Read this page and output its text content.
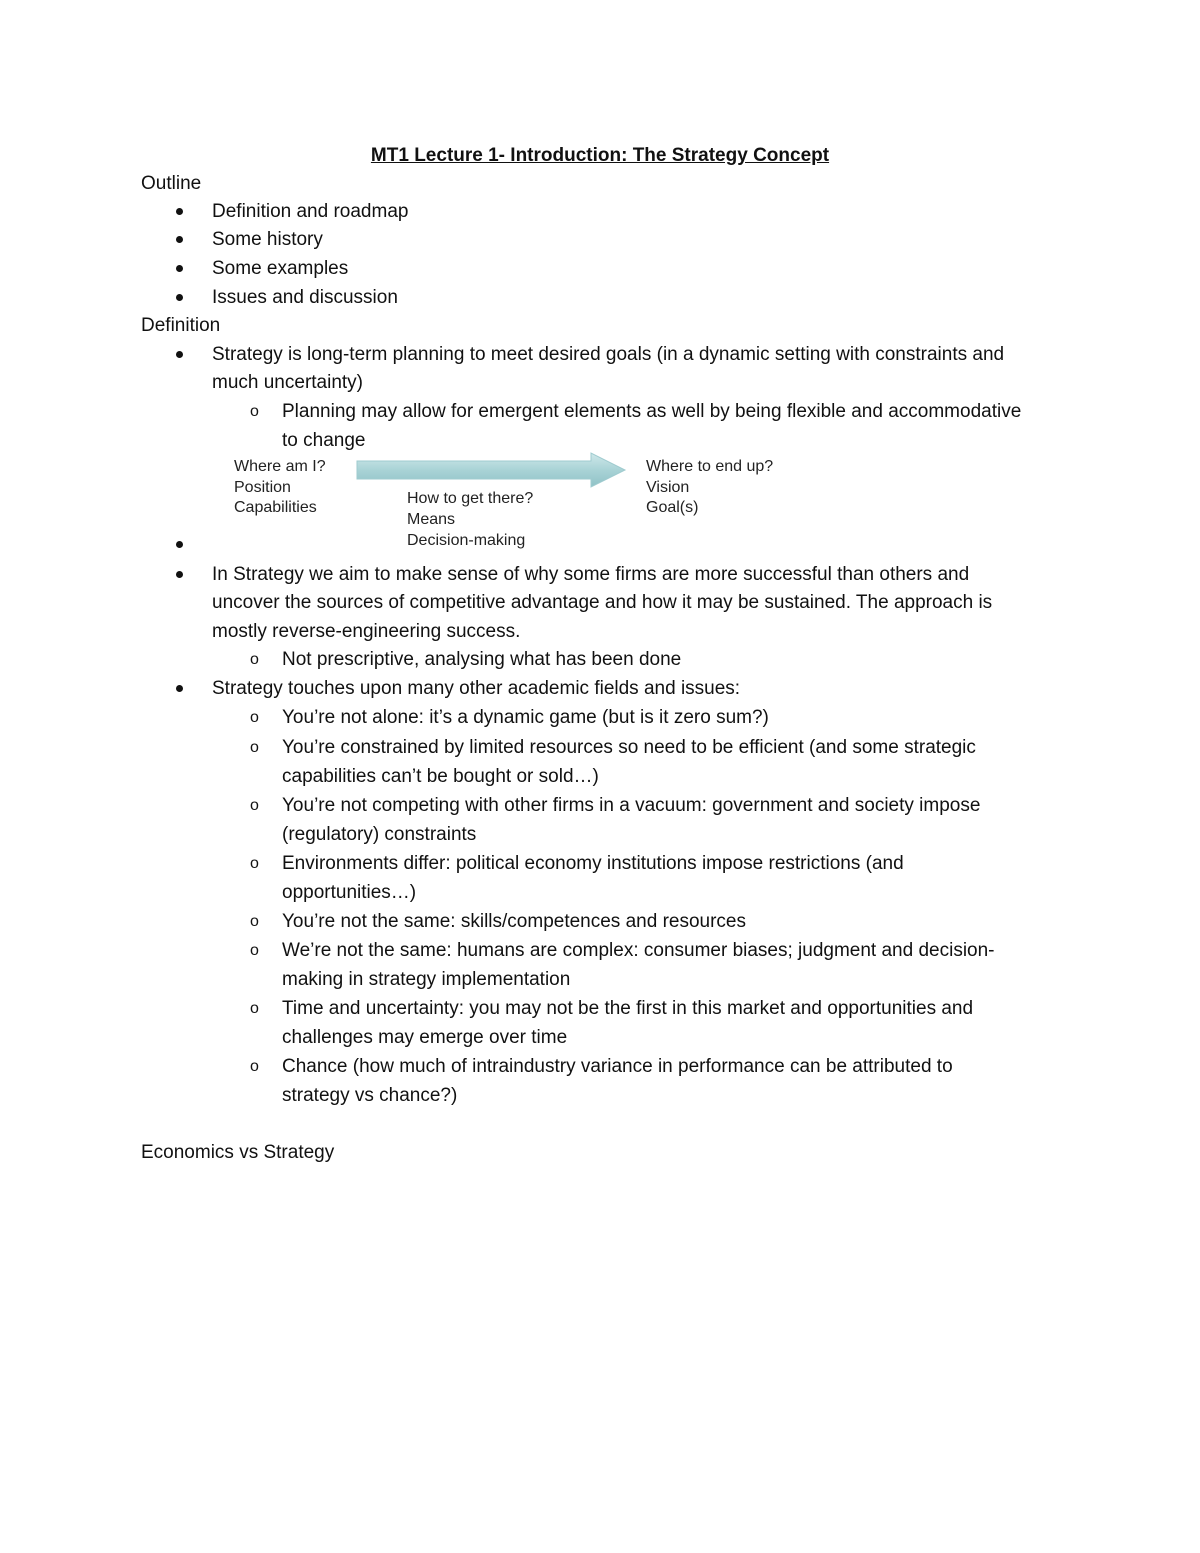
MT1 Lecture 1- Introduction: The Strategy Concept
Outline
Definition and roadmap
Some history
Some examples
Issues and discussion
Definition
Strategy is long-term planning to meet desired goals (in a dynamic setting with constraints and
much uncertainty)
o Planning may allow for emergent elements as well by being flexible and accommodative
to change
Where am I?
Position
Capabilities
How to get there?
Means
Decision-making
Where to end up?
Vision
Goal(s)
In Strategy we aim to make sense of why some firms are more successful than others and
uncover the sources of competitive advantage and how it may be sustained. The approach is
mostly reverse-engineering success.
o Not prescriptive, analysing what has been done
Strategy touches upon many other academic fields and issues:
o You’re not alone: it’s a dynamic game (but is it zero sum?)
o You’re constrained by limited resources so need to be efficient (and some strategic
capabilities can’t be bought or sold…)
o You’re not competing with other firms in a vacuum: government and society impose
(regulatory) constraints
o Environments differ: political economy institutions impose restrictions (and
opportunities…)
o You’re not the same: skills/competences and resources
o We’re not the same: humans are complex: consumer biases; judgment and decision-
making in strategy implementation
o Time and uncertainty: you may not be the first in this market and opportunities and
challenges may emerge over time
o Chance (how much of intraindustry variance in performance can be attributed to
strategy vs chance?)
Economics vs Strategy
